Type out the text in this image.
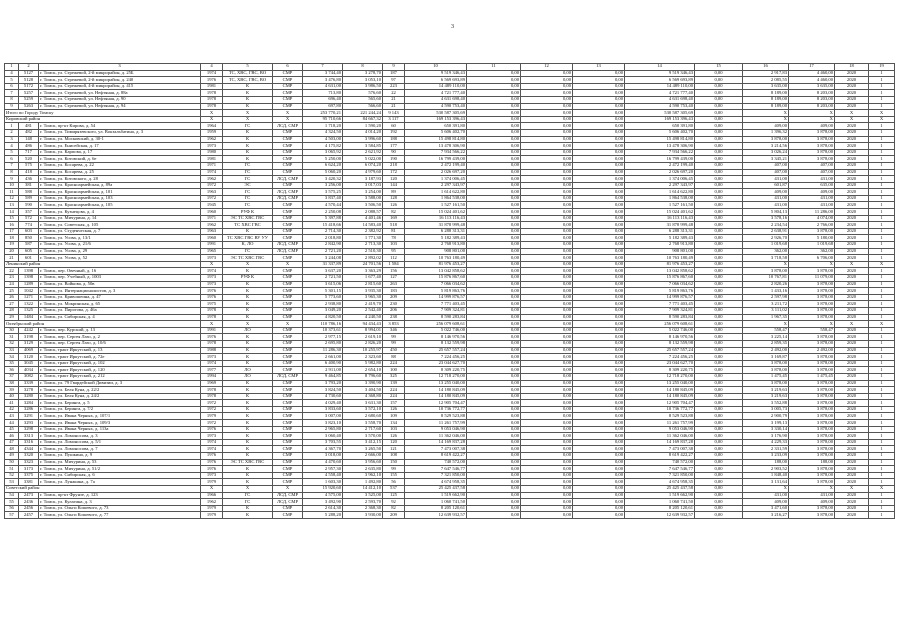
3
1	2	3	4	5	6	7	8	9	10	11	12	13	14	15	16	17	18	19
4	5127	г. Томск, ул. Стрежевой, 2-й микрорайон, д. 25Б	1974	ТС, ХВС, ГВС, ВО	СМР	3 744,40	3 278,70	187	9 519 346,43	0,00	0,00	0,00	9 519 346,43	0,00	2 917,83	4 460,00	2020	1
5	5128	г. Томск, ул. Стрежевой, 2-й микрорайон, д. 240	1976	ТС, ХВС, ГВС, ВО	СМР	3 476,80	3 053,10	97	6 569 693,89	0,00	0,00	0,00	6 569 693,89	0,00	2 085,55	4 460,00	2020	1
6	5172	г. Томск, ул. Стрежевой, 4-й микрорайон, д. 415	1981	К	СМР	4 631,00	3 986,50	223	14 489 110,00	0,00	0,00	0,00	14 489 110,00	0,00	3 635,00	3 635,00	2020	1
7	5257	г. Томск, ул. Стрежевой, ул. Нефтяная, д. 88а	1978	К	СМР	713,80	576,60	22	4 721 777,40	0,00	0,00	0,00	4 721 777,40	0,00	8 189,00	8 203,00	2020	1
8	5259	г. Томск, ул. Стрежевой, ул. Нефтяная, д. 90	1978	К	СМР	696,40	565,60	21	4 631 698,40	0,00	0,00	0,00	4 631 698,40	0,00	8 189,00	8 203,00	2020	1
9	5263	г. Томск, ул. Стрежевой, ул. Нефтяная, д. 94	1978	К	СМР	697,80	566,60	21	4 590 753,40	0,00	0,00	0,00	4 590 753,40	0,00	8 189,00	8 203,00	2020	1
Итого по Городу Томску			X	X	X	253 770,21	221 244,24	9 143	530 587 305,69	0,00	0,00	0,00	530 587 305,69	0,00	X	X	X	X
Кировский район			X	X	X	95 710,66	84 667,32	3 117	169 153 396,43	0,00	0,00	0,00	169 153 396,43	0,00	X	X	X	X
1	481	г. Томск, пр-кт Кирова, д. 54	1964	ГС	ЛСД, СМР	1 718,20	1 590,20	60	650 391,80	0,00	0,00	0,00	650 391,80	0,00	409,00	409,00	2020	1
2	482	г. Томск, ул. Тимирязевского, ул. Вокзальбатина, д. 3	1959	К	СМР	4 324,50	4 014,20	192	5 606 402,70	0,00	0,00	0,00	5 606 402,70	0,00	1 396,32	3 878,00	2020	1
3	148	г. Томск, ул. Московский, д. 30-1	1962	К	СМР	4 503,00	3 996,60	188	15 498 814,80	0,00	0,00	0,00	15 498 814,80	0,00	3 878,00	3 878,00	2020	1
4	486	г. Томск, ул. Енисейская, д. 17	1973	К	СМР	4 175,82	3 584,85	177	13 478 306,90	0,00	0,00	0,00	13 478 306,90	0,00	3 214,56	3 878,00	2020	1
5	717	г. Томск, ул. Карпова, д. 17	1980	К	СМР	3 065,92	2 621,92	90	7 934 566,22	0,00	0,00	0,00	7 934 566,22	0,00	3 026,24	3 878,00	2020	1
6	520	г. Томск, ул. Котовский, д. 6е	1981	К	СМР	5 250,00	5 022,00	190	16 799 439,00	0,00	0,00	0,00	16 799 439,00	0,00	3 345,21	3 878,00	2020	1
7	575	г. Томск, ул. Косарева, д. 22	1971	ГС	СМР	6 624,20	6 074,20	218	2 472 199,40	0,00	0,00	0,00	2 472 199,40	0,00	407,00	407,00	2020	1
8	418	г. Томск, ул. Косарева, д. 25	1974	ГС	СМР	5 060,20	4 979,60	172	2 026 697,20	0,00	0,00	0,00	2 026 697,20	0,00	407,00	407,00	2020	1
9	436	г. Томск, ул. Котовского, д. 28	1962	ГС	ЛСД, СМР	3 420,32	3 187,93	120	1 374 006,45	0,00	0,00	0,00	1 374 006,45	0,00	431,00	431,00	2020	1
10	381	г. Томск, ул. Красноармейская, д. 89а	1972	ЭС	СМР	3 256,00	3 017,03	144	2 297 343,97	0,00	0,00	0,00	2 297 343,97	0,00	601,87	635,00	2020	1
11	588	г. Томск, ул. Красноармейская, д. 101	1963	ГС	ЛСД, СМР	3 575,25	3 254,00	89	1 614 622,80	0,00	0,00	0,00	1 614 622,80	0,00	409,00	409,00	2020	1
12	589	г. Томск, ул. Красноармейская, д. 103	1972	ГС	ЛСД, СМР	3 837,40	3 588,00	128	1 864 538,00	0,00	0,00	0,00	1 864 538,00	0,00	431,00	431,00	2020	1
13	590	г. Томск, ул. Красноармейская, д. 105	1945	ГС	СМР	4 570,44	3 506,50	126	1 527 161,50	0,00	0,00	0,00	1 527 161,50	0,00	431,00	431,00	2020	1
14	357	г. Томск, ул. Кузнецова, д. 4	1960	РУФ К	СМР	2 250,08	2 088,57	82	15 024 401,62	0,00	0,00	0,00	15 024 401,62	0,00	5 804,13	11 286,00	2020	1
15	572	г. Томск, ул. Мичурина, д. 14	1971	ЭС ТС ХВС ГВС	СМР	5 397,88	4 401,46	169	16 113 116,43	0,00	0,00	0,00	16 113 116,43	0,00	3 578,16	4 074,00	2020	1
16	774	г. Томск, ул. Советская, д. 105	1962	ТС ХВС ГВС	СМР	15 418,66	14 583,40	518	31 878 999,48	0,00	0,00	0,00	31 878 999,48	0,00	2 234,54	2 766,00	2020	1
17	603	г. Томск, ул. Студенческая, д. 7	1963	К	СМР	2 714,30	2 382,92	81	6 288 313,31	0,00	0,00	0,00	6 288 313,31	0,00	2 638,91	3 878,00	2020	1
18	850	г. Томск, ул. Усова, д. 13/1	1960	ТС ХВС ГВС ВУ УУ	СМР	2 018,80	1 771,30	78	5 182 389,43	0,00	0,00	0,00	5 182 389,43	0,00	2 926,70	5 180,00	2020	1
19	587	г. Томск, ул. Усова, д. 21/6	1991	К, ЛО	ЛСД, СМР	2 842,90	2 713,30	103	2 768 913,80	0,00	0,00	0,00	2 768 913,80	0,00	1 019,68	1 019,68	2020	1
20	605	г. Томск, ул. Усова, д. 29	1965	ГС	ЛСД, СМР	2 721,20	2 510,30	95	908 801,00	0,00	0,00	0,00	908 801,00	0,00	362,00	362,00	2020	1
21	601	г. Томск, ул. Усова, д. 52	1973	ЭС ТС ХВС ГВС	СМР	3 244,08	2 892,02	112	10 763 180,49	0,00	0,00	0,00	10 763 180,49	0,00	3 718,58	6 706,00	2020	1
Ленинский район			X	X	X	31 337,89	24 701,56	1 584	81 976 453,27	0,00	0,00	0,00	81 976 453,27	0,00	X	X	X	X
22	1398	г. Томск, пер. Овечный, д. 16	1974	К	СМР	3 637,20	3 363,29	156	13 042 858,62	0,00	0,00	0,00	13 042 858,62	0,00	3 878,00	3 878,00	2020	1
23	1398	г. Томск, пер. Учебный, д. 1003	1973	РУФ К	СМР	2 721,50	1 677,40	127	15 876 867,60	0,00	0,00	0,00	15 876 867,60	0,00	10 767,81	11 079,00	2020	1
24	1289	г. Томск, ул. Войкова, д. 50в	1973	К	СМР	3 615,06	2 815,60	263	7 066 034,62	0,00	0,00	0,00	7 066 034,62	0,00	2 820,26	3 878,00	2020	1
25	1042	г. Томск, ул. Интернационалистов, д. 3	1976	К	СМР	5 301,15	3 935,30	183	5 819 863,76	0,00	0,00	0,00	5 819 863,76	0,00	1 433,16	3 878,00	2020	1
26	1271	г. Томск, ул. Кривошеина, д. 47	1976	К	СМР	5 773,60	3 965,30	209	14 999 876,57	0,00	0,00	0,00	14 999 876,57	0,00	2 597,98	3 878,00	2020	1
27	1322	г. Томск, ул. Мокринская, д. 65	1975	К	СМР	2 938,80	2 419,70	230	7 771 403,45	0,00	0,00	0,00	7 771 403,45	0,00	3 211,72	3 878,00	2020	1
28	1325	г. Томск, ул. Пирогова, д. 46а	1978	К	СМР	3 049,20	2 542,40	206	7 909 324,81	0,00	0,00	0,00	7 909 324,81	0,00	3 111,02	3 878,00	2020	1
29	1484	г. Томск, ул. Сибирская, д. 4	1978	К	СМР	4 820,50	4 240,50	238	8 590 283,84	0,00	0,00	0,00	8 590 283,84	0,00	1 967,35	3 878,00	2020	1
Октябрьский район			X	X	X	110 786,16	94 434,43	3 853	256 079 608,61	0,00	0,00	0,00	256 079 608,61	0,00	X	X	X	X
30	4242	г. Томск, пер. Курский, д. 13	1991	ЛО	СМР	10 373,61	8 994,01	346	5 022 746,00	0,00	0,00	0,00	5 022 746,00	0,00	558,47	558,47	2020	1
31	3198	г. Томск, пер. Сергея Лазо, д. 2	1976	К	СМР	2 977,15	2 619,10	99	8 146 970,56	0,00	0,00	0,00	8 146 970,56	0,00	3 225,14	3 878,00	2020	1
32	3129	г. Томск, пер. Сергея Лазо, д. 10/6	1978	К	СМР	2 695,80	2 826,20	99	8 132 559,98	0,00	0,00	0,00	8 132 559,98	0,00	2 859,35	3 878,00	2020	1
33	4069	г. Томск, тракт Иркутский, д. 13	1988	К	СМР	11 286,30	10 255,97	450	25 657 557,24	0,00	0,00	0,00	25 657 557,24	0,00	2 492,00	2 492,00	2020	1
34	3120	г. Томск, тракт Иркутский, д. 72е	1973	К	СМР	2 661,00	2 323,60	88	7 224 456,25	0,00	0,00	0,00	7 224 456,25	0,00	3 169,87	3 878,00	2020	1
35	3045	г. Томск, тракт Иркутский, д. 102	1974	К	СМР	6 400,90	5 982,80	224	23 044 627,70	0,00	0,00	0,00	23 044 627,70	0,00	3 878,00	3 878,00	2020	1
36	4034	г. Томск, тракт Иркутский, д. 120	1977	ЛО	СМР	2 911,00	2 654,10	100	8 309 220,75	0,00	0,00	0,00	8 309 220,75	0,00	3 878,00	3 878,00	2020	1
37	3082	г. Томск, тракт Иркутский, д. 212	1994	ЛО	ЛСД, СМР	9 464,85	8 796,60	325	12 718 270,00	0,00	0,00	0,00	12 718 270,00	0,00	1 475,45	1 475,45	2020	1
38	3339	г. Томск, ул. 79 Гвардейской Дивизии, д. 3	1969	К	СМР	3 793,20	3 390,90	139	13 255 040,00	0,00	0,00	0,00	13 255 040,00	0,00	3 878,00	3 878,00	2020	1
39	3278	г. Томск, ул. Беля Куна, д. 22/2	1978	К	СМР	3 824,50	3 404,50	224	14 180 845,09	0,00	0,00	0,00	14 180 845,09	0,00	3 219,63	3 878,00	2020	1
40	3280	г. Томск, ул. Беля Куна, д. 24/2	1978	К	СМР	4 730,60	4 368,80	224	14 180 845,09	0,00	0,00	0,00	14 180 845,09	0,00	3 219,63	3 878,00	2020	1
41	3284	г. Томск, ул. Беринга, д. 5	1972	К	СМР	4 029,40	3 631,30	157	12 905 704,47	0,00	0,00	0,00	12 905 704,47	0,00	3 552,88	3 878,00	2020	1
42	3286	г. Томск, ул. Беринга, д. 7/2	1972	К	СМР	3 833,60	3 572,10	126	10 736 772,77	0,00	0,00	0,00	10 736 772,77	0,00	3 005,73	3 878,00	2020	1
43	3291	г. Томск, ул. Ивана Черных, д. 107/1	1979	К	СМР	3 007,00	2 680,60	109	8 529 523,88	0,00	0,00	0,00	8 529 523,88	0,00	2 900,79	3 878,00	2020	1
44	3293	г. Томск, ул. Ивана Черных, д. 109/3	1972	К	СМР	3 823,10	3 558,70	134	11 261 757,99	0,00	0,00	0,00	11 261 757,99	0,00	3 199,13	3 878,00	2020	1
45	3298	г. Томск, ул. Ивана Черных, д. 113а	1976	К	СМР	2 965,80	2 717,60	103	9 053 046,90	0,00	0,00	0,00	9 053 046,90	0,00	3 330,14	3 878,00	2020	1
46	3313	г. Томск, ул. Ломоносова, д. 3	1973	К	СМР	3 060,40	3 570,00	126	11 362 046,00	0,00	0,00	0,00	11 362 046,00	0,00	3 176,90	3 878,00	2020	1
47	3316	г. Томск, ул. Ломоносова, д. 5/1	1974	К	СМР	3 703,55	3 412,15	120	14 169 837,28	0,00	0,00	0,00	14 169 837,28	0,00	4 229,33	3 878,00	2020	1
48	4344	г. Томск, ул. Ломоносова, д. 7	1974	К	СМР	4 367,70	3 265,50	121	7 473 007,38	0,00	0,00	0,00	7 473 007,38	0,00	2 331,59	3 878,00	2020	1
49	3320	г. Томск, ул. Пушкина, д. 9	1976	К	СМР	3 018,00	2 666,00	108	8 619 422,27	0,00	0,00	0,00	8 619 422,27	0,00	3 233,09	3 878,00	2020	1
50	3323	г. Томск, ул. Мичурина, д. 53	1976	ЭС ТС ХВС ГВС	СМР	4 470,60	3 956,60	150	740 572,00	0,00	0,00	0,00	740 572,00	0,00	188,00	188,00	2020	1
51	3173	г. Томск, ул. Мичурина, д. 51/2	1976	К	СМР	2 957,30	2 635,80	99	7 647 546,77	0,00	0,00	0,00	7 647 546,77	0,00	2 903,52	3 878,00	2020	1
52	3375	г. Томск, ул. Сибирская, д. 6	1973	К	СМР	4 558,40	3 962,10	155	7 321 850,00	0,00	0,00	0,00	7 321 850,00	0,00	1 848,40	3 878,00	2020	1
53	3381	г. Томск, ул. Лунакина, д. 7а	1979	К	СМР	1 603,30	1 492,80	56	4 674 958,35	0,00	0,00	0,00	4 674 958,35	0,00	3 131,64	3 878,00	2020	1
Советский район			X	X	X	15 920,60	14 412,10	537	25 425 437,58	0,00	0,00	0,00	25 425 437,58	0,00	X	X	X	X
54	2473	г. Томск, пр-кт Фрунзе, д. 123	1966	ГС	ЛСД, СМР	4 575,00	3 525,00	125	1 519 662,90	0,00	0,00	0,00	1 519 662,90	0,00	431,00	431,00	2020	1
55	2436	г. Томск, ул. Кулагина, д. 3	1962	ГС	ЛСД, СМР	3 492,90	2 593,70	92	1 060 741,50	0,00	0,00	0,00	1 060 741,50	0,00	409,00	409,00	2020	1
56	2456	г. Томск, ул. Ольги Кошевого, д. 73	1979	К	СМР	2 614,30	2 368,30	82	8 205 120,61	0,00	0,00	0,00	8 205 120,61	0,00	3 471,60	3 878,00	2020	1
57	2457	г. Томск, ул. Ольги Кошевого, д. 77	1979	К	СМР	5 288,20	3 930,00	209	12 639 932,57	0,00	0,00	0,00	12 639 932,57	0,00	3 216,27	3 878,00	2020	1
